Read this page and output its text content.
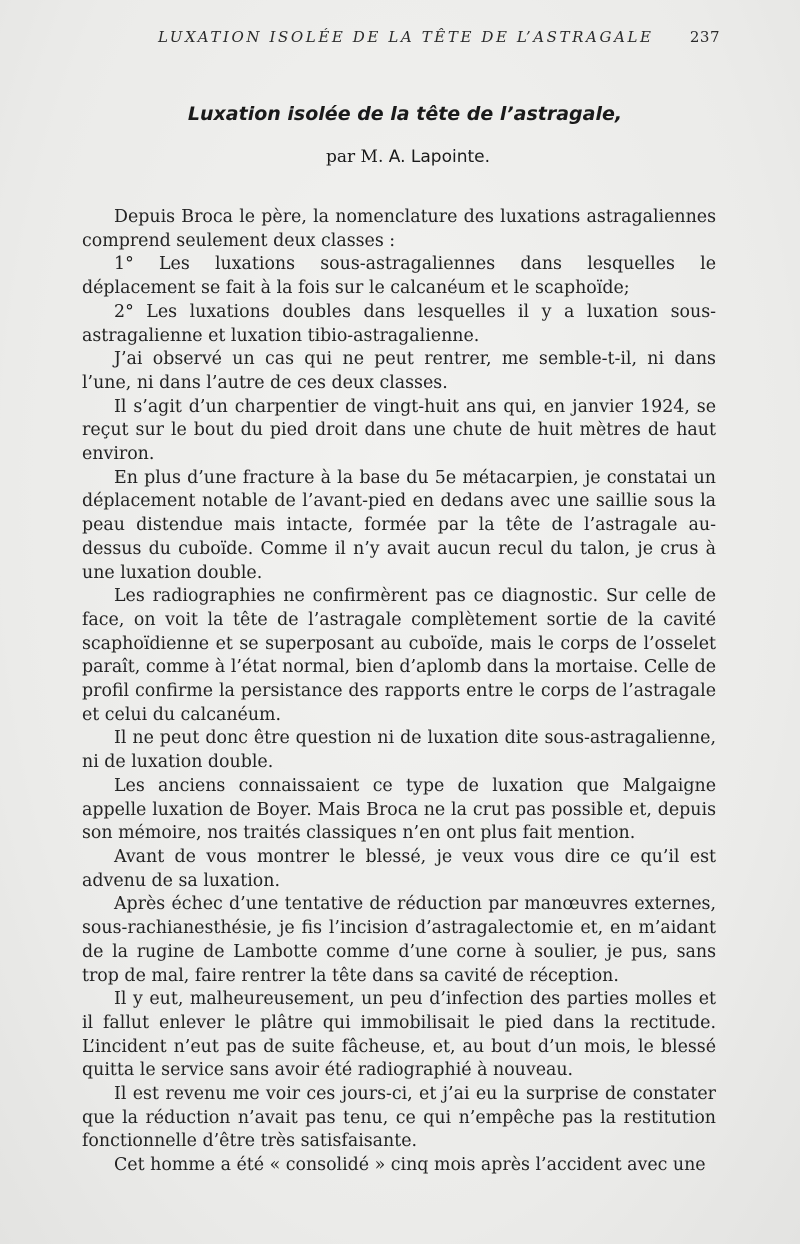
LUXATION ISOLÉE DE LA TÊTE DE L’ASTRAGALE 237
Luxation isolée de la tête de l’astragale,
par M. A. Lapointe.

Depuis Broca le père, la nomenclature des luxations astragaliennes comprend seulement deux classes :

1° Les luxations sous-astragaliennes dans lesquelles le déplacement se fait à la fois sur le calcanéum et le scaphoïde;

2° Les luxations doubles dans lesquelles il y a luxation sous-astragalienne et luxation tibio-astragalienne.

J’ai observé un cas qui ne peut rentrer, me semble-t-il, ni dans l’une, ni dans l’autre de ces deux classes.

Il s’agit d’un charpentier de vingt-huit ans qui, en janvier 1924, se reçut sur le bout du pied droit dans une chute de huit mètres de haut environ.

En plus d’une fracture à la base du 5e métacarpien, je constatai un déplacement notable de l’avant-pied en dedans avec une saillie sous la peau distendue mais intacte, formée par la tête de l’astragale au-dessus du cuboïde. Comme il n’y avait aucun recul du talon, je crus à une luxation double.

Les radiographies ne confirmèrent pas ce diagnostic. Sur celle de face, on voit la tête de l’astragale complètement sortie de la cavité scaphoïdienne et se superposant au cuboïde, mais le corps de l’osselet paraît, comme à l’état normal, bien d’aplomb dans la mortaise. Celle de profil confirme la persistance des rapports entre le corps de l’astragale et celui du calcanéum.

Il ne peut donc être question ni de luxation dite sous-astragalienne, ni de luxation double.

Les anciens connaissaient ce type de luxation que Malgaigne appelle luxation de Boyer. Mais Broca ne la crut pas possible et, depuis son mémoire, nos traités classiques n’en ont plus fait mention.

Avant de vous montrer le blessé, je veux vous dire ce qu’il est advenu de sa luxation.

Après échec d’une tentative de réduction par manœuvres externes, sous-rachianesthésie, je fis l’incision d’astragalectomie et, en m’aidant de la rugine de Lambotte comme d’une corne à soulier, je pus, sans trop de mal, faire rentrer la tête dans sa cavité de réception.

Il y eut, malheureusement, un peu d’infection des parties molles et il fallut enlever le plâtre qui immobilisait le pied dans la rectitude. L’incident n’eut pas de suite fâcheuse, et, au bout d’un mois, le blessé quitta le service sans avoir été radiographié à nouveau.

Il est revenu me voir ces jours-ci, et j’ai eu la surprise de constater que la réduction n’avait pas tenu, ce qui n’empêche pas la restitution fonctionnelle d’être très satisfaisante.

Cet homme a été « consolidé » cinq mois après l’accident avec une
